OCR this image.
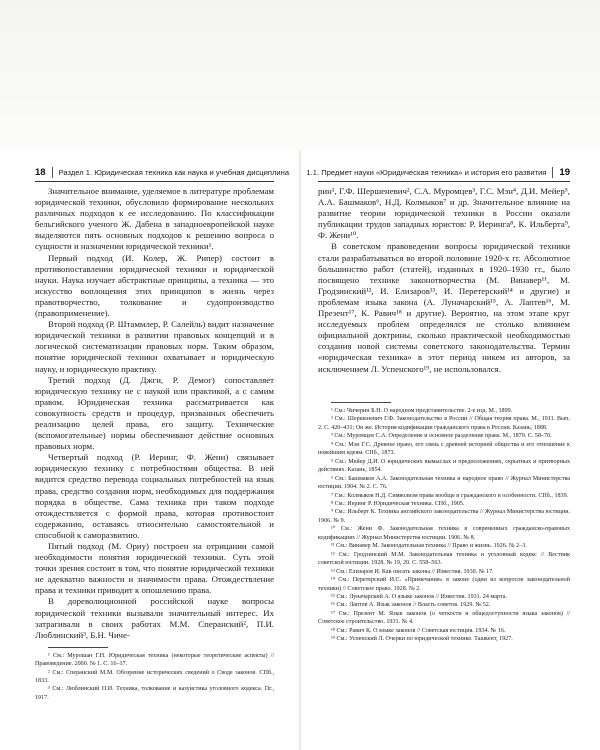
18 Раздел 1. Юридическая техника как наука и учебная дисциплина

Значительное внимание, уделяемое в литературе проблемам юридической техники, обусловило формирование нескольких различных подходов к ее исследованию. По классификации бельгийского ученого Ж. Дабена в западноевропейской науке выделяются пять основных подходов к решению вопроса о сущности и назначении юридической техники¹.

Первый подход (И. Колер, Ж. Рипер) состоит в противопоставлении юридической техники и юридической науки. Наука изучает абстрактные принципы, а техника — это искусство воплощения этих принципов в жизнь через правотворчество, толкование и судопроизводство (правоприменение).

Второй подход (Р. Штаммлер, Р. Салейль) видит назначение юридической техники в развитии правовых концепций и в логической систематизации правовых норм. Таким образом, понятие юридической техники охватывает и юридическую науку, и юридическую практику.

Третий подход (Д. Джги, Р. Демог) сопоставляет юридическую технику не с наукой или практикой, а с самим правом. Юридическая техника рассматривается как совокупность средств и процедур, призванных обеспечить реализацию целей права, его защиту. Технические (вспомогательные) нормы обеспечивают действие основных правовых норм.

Четвертый подход (Р. Иеринг, Ф. Жени) связывает юридическую технику с потребностями общества. В ней видится средство перевода социальных потребностей на язык права, средство создания норм, необходимых для поддержания порядка в обществе. Сама техника при таком подходе отождествляется с формой права, которая противостоит содержанию, оставаясь относительно самостоятельной и способной к саморазвитию.

Пятый подход (М. Ориу) построен на отрицании самой необходимости понятия юридической техники. Суть этой точки зрения состоит в том, что понятие юридической техники не адекватно важности и значимости права. Отождествление права и техники приводит к опошлению права.

В дореволюционной российской науке вопросы юридической техники вызывали значительный интерес. Их затрагивали в своих работах М.М. Сперанский², П.И. Люблинский³, Б.Н. Чиче-

¹ См.: Мурошан Г.Н. Юридическая техника (некоторые теоретические аспекты) // Правоведение. 2000. № 1. С. 16–17.
² См.: Сперанский М.М. Обозрение исторических сведений о Своде законов. СПб., 1833.
³ См.: Люблинский П.И. Техника, толкование и казуистика уголовного кодекса. Пг., 1917.
1.1. Предмет науки «Юридическая техника» и история его развития 19

рин¹, Г.Ф. Шершеневич², С.А. Муромцев³, Г.С. Мэн⁴, Д.И. Мейер⁵, А.А. Башмаков⁶, Н.Д. Колмыков⁷ и др. Значительное влияние на развитие теории юридической техники в России оказали публикации трудов западных юристов: Р. Иеринга⁸, К. Ильберта⁹, Ф. Жени¹⁰.

В советском правоведении вопросы юридической техники стали разрабатываться во второй половине 1920-х гг. Абсолютное большинство работ (статей), изданных в 1920–1930 гг., было посвящено технике законотворчества (М. Винавер¹¹, М. Гродзинский¹², И. Елизаров¹³, И. Перетерский¹⁴ и другие) и проблемам языка закона (А. Луначарский¹⁵, А. Лаптев¹⁶, М. Презент¹⁷, К. Равич¹⁸ и другие). Вероятно, на этом этапе круг исследуемых проблем определялся не столько влиянием официальной доктрины, сколько практической необходимостью создания новой системы советского законодательства. Термин «юридическая техника» в этот период никем из авторов, за исключением Л. Успенского¹⁹, не использовался.

¹ См.: Чичерин Б.Н. О народном представительстве. 2-е изд. М., 1899.
² См.: Шершеневич Г.Ф. Законодательство в России // Общая теория права. М., 1911. Вып. 2. С. 420–431; Он же. История кодификации гражданского права в России. Казань, 1888.
³ См.: Муромцев С.А. Определение и основное разделение права. М., 1879. С. 58–70.
⁴ См.: Мэн Г.С. Древнее право, его связь с древней историей общества и его отношение к новейшим идеям. СПб., 1873.
⁵ См.: Мейер Д.И. О юридических вымыслах и предположениях, скрытных и притворных действиях. Казань, 1854.
⁶ См.: Башмаков А.А. Законодательная техника и народное право // Журнал Министерства юстиции. 1904. № 2. С. 76.
⁷ См.: Колмыков Н.Д. Символизм права вообще и гражданского в особенности. СПб., 1839.
⁸ См.: Иеринг Р. Юридическая техника. СПб., 1905.
⁹ См.: Ильберт К. Техника английского законодательства // Журнал Министерства юстиции. 1906. № 9.
¹⁰ См.: Жени Ф. Законодательная техника в современных гражданско-правовых кодификациях // Журнал Министерства юстиции. 1906. № 8.
¹¹ См.: Винавер М. Законодательная техника // Право и жизнь. 1926. № 2–3.
¹² См.: Гродзинский М.М. Законодательная техника и уголовный кодекс // Вестник советской юстиции. 1928. № 19, 20. С. 558–563.
¹³ См.: Елизаров И. Как писать законы // Известия. 1930. № 17.
¹⁴ См.: Перетерский И.С. «Примечания» в законе (один из вопросов законодательной техники) // Советское право. 1928. № 2.
¹⁵ См.: Луначарский А. О языке законов // Известия. 1931. 24 марта.
¹⁶ См.: Лаптев А. Язык законов // Власть советов. 1929. № 52.
¹⁷ См.: Презент М. Язык законов (о четкости и общедоступности языка законов) // Советское строительство. 1931. № 4.
¹⁸ См.: Равич К. О языке законов // Советская юстиция. 1934. № 16.
¹⁹ См.: Успенский Л. Очерки по юридической технике. Ташкент, 1927.
